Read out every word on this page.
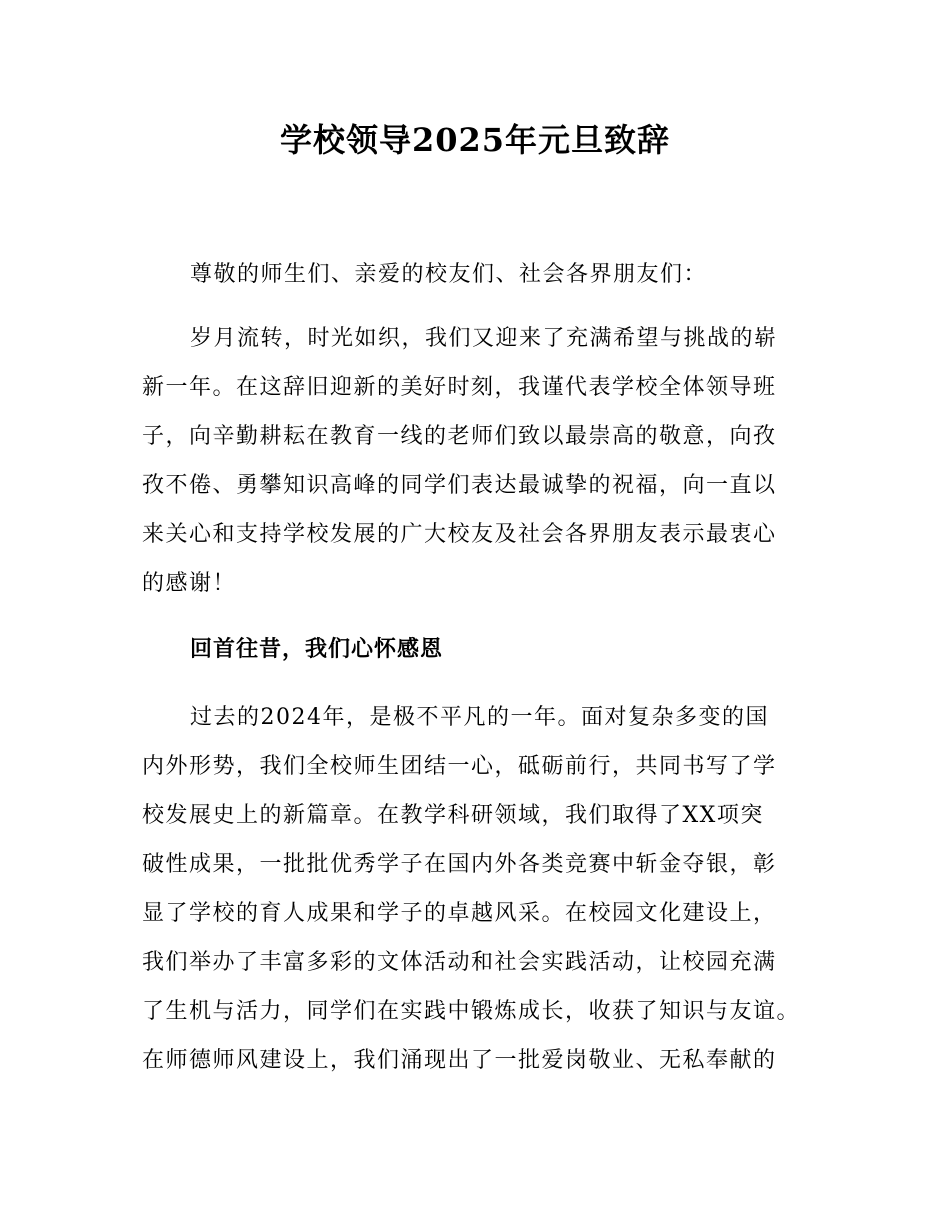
学校领导2025年元旦致辞
尊敬的师生们、亲爱的校友们、社会各界朋友们：
岁月流转，时光如织，我们又迎来了充满希望与挑战的崭
新一年。在这辞旧迎新的美好时刻，我谨代表学校全体领导班
子，向辛勤耕耘在教育一线的老师们致以最崇高的敬意，向孜
孜不倦、勇攀知识高峰的同学们表达最诚挚的祝福，向一直以
来关心和支持学校发展的广大校友及社会各界朋友表示最衷心
的感谢！
回首往昔，我们心怀感恩
过去的2024年，是极不平凡的一年。面对复杂多变的国
内外形势，我们全校师生团结一心，砥砺前行，共同书写了学
校发展史上的新篇章。在教学科研领域，我们取得了XX项突
破性成果，一批批优秀学子在国内外各类竞赛中斩金夺银，彰
显了学校的育人成果和学子的卓越风采。在校园文化建设上，
我们举办了丰富多彩的文体活动和社会实践活动，让校园充满
了生机与活力，同学们在实践中锻炼成长，收获了知识与友谊。
在师德师风建设上，我们涌现出了一批爱岗敬业、无私奉献的
